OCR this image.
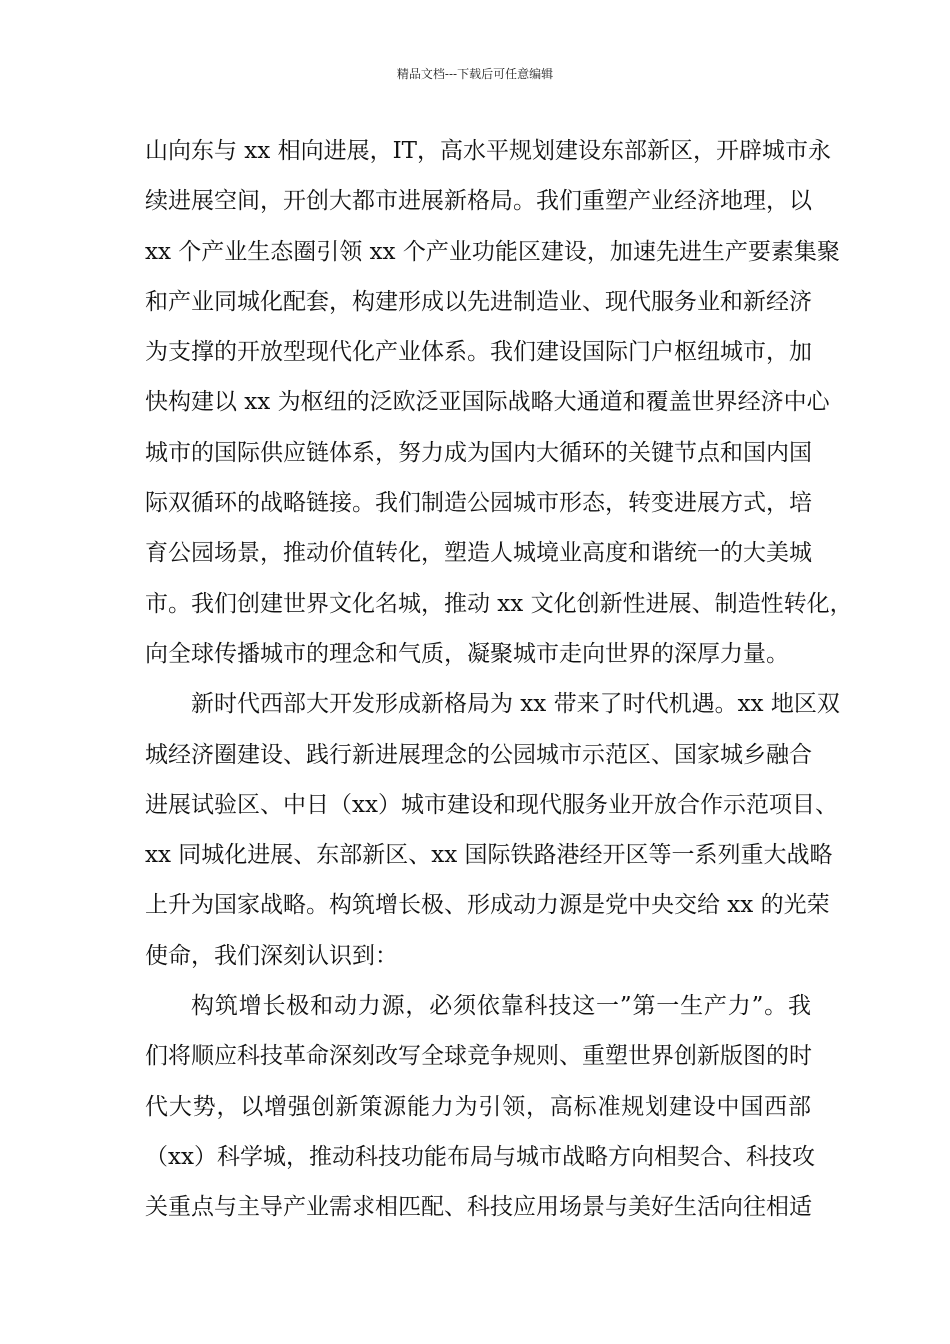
精品文档---下载后可任意编辑
山向东与 xx 相向进展，IT，高水平规划建设东部新区，开辟城市永
续进展空间，开创大都市进展新格局。我们重塑产业经济地理，以
xx 个产业生态圈引领 xx 个产业功能区建设，加速先进生产要素集聚
和产业同城化配套，构建形成以先进制造业、现代服务业和新经济
为支撑的开放型现代化产业体系。我们建设国际门户枢纽城市，加
快构建以 xx 为枢纽的泛欧泛亚国际战略大通道和覆盖世界经济中心
城市的国际供应链体系，努力成为国内大循环的关键节点和国内国
际双循环的战略链接。我们制造公园城市形态，转变进展方式，培
育公园场景，推动价值转化，塑造人城境业高度和谐统一的大美城
市。我们创建世界文化名城，推动 xx 文化创新性进展、制造性转化，
向全球传播城市的理念和气质，凝聚城市走向世界的深厚力量。
新时代西部大开发形成新格局为 xx 带来了时代机遇。xx 地区双
城经济圈建设、践行新进展理念的公园城市示范区、国家城乡融合
进展试验区、中日（xx）城市建设和现代服务业开放合作示范项目、
xx 同城化进展、东部新区、xx 国际铁路港经开区等一系列重大战略
上升为国家战略。构筑增长极、形成动力源是党中央交给 xx 的光荣
使命，我们深刻认识到：
构筑增长极和动力源，必须依靠科技这一”第一生产力”。我
们将顺应科技革命深刻改写全球竞争规则、重塑世界创新版图的时
代大势，以增强创新策源能力为引领，高标准规划建设中国西部
（xx）科学城，推动科技功能布局与城市战略方向相契合、科技攻
关重点与主导产业需求相匹配、科技应用场景与美好生活向往相适
